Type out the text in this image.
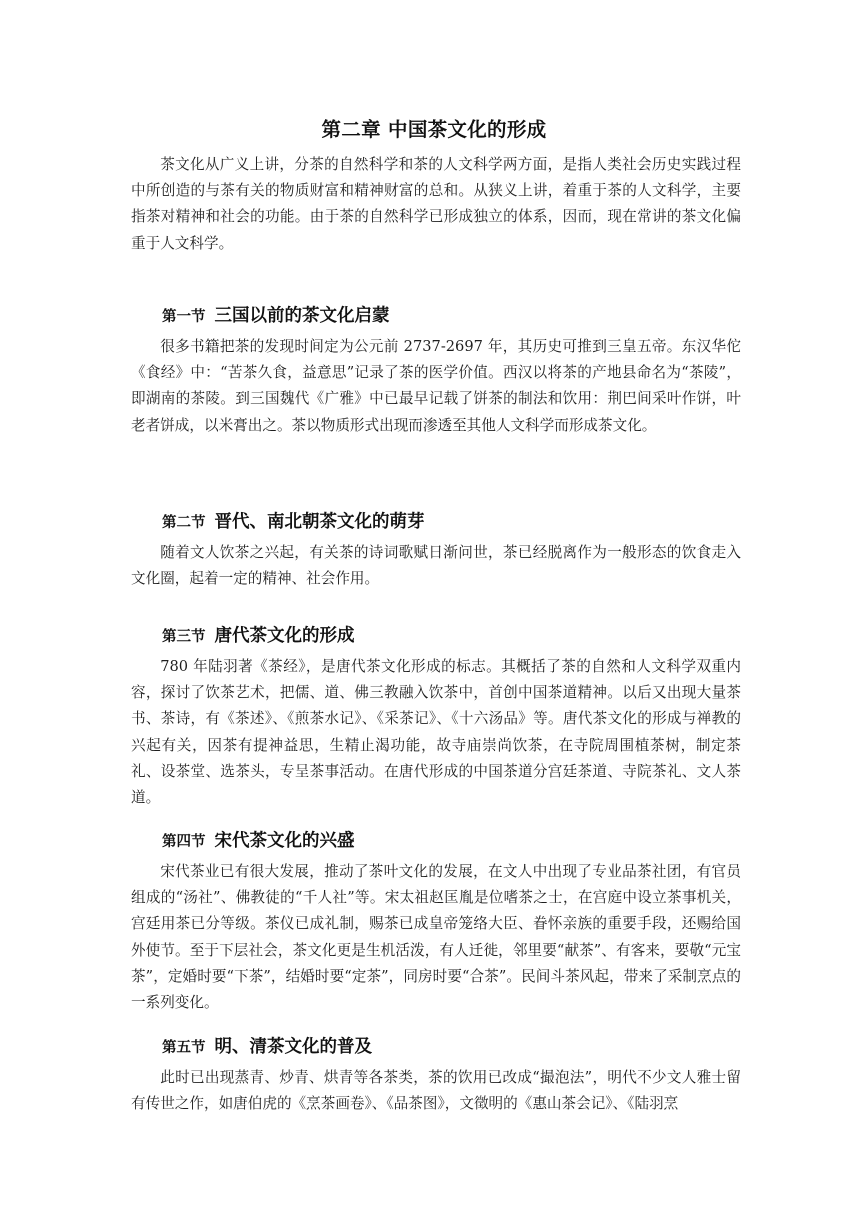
第二章 中国茶文化的形成

茶文化从广义上讲，分茶的自然科学和茶的人文科学两方面，是指人类社会历史实践过程中所创造的与茶有关的物质财富和精神财富的总和。从狭义上讲，着重于茶的人文科学，主要指茶对精神和社会的功能。由于茶的自然科学已形成独立的体系，因而，现在常讲的茶文化偏重于人文科学。

第一节 三国以前的茶文化启蒙

很多书籍把茶的发现时间定为公元前 2737-2697 年，其历史可推到三皇五帝。东汉华佗《食经》中：“苦茶久食，益意思”记录了茶的医学价值。西汉以将茶的产地县命名为“茶陵”，即湖南的茶陵。到三国魏代《广雅》中已最早记载了饼茶的制法和饮用：荆巴间采叶作饼，叶老者饼成，以米膏出之。茶以物质形式出现而渗透至其他人文科学而形成茶文化。

第二节 晋代、南北朝茶文化的萌芽

随着文人饮茶之兴起，有关茶的诗词歌赋日渐问世，茶已经脱离作为一般形态的饮食走入文化圈，起着一定的精神、社会作用。

第三节 唐代茶文化的形成

780 年陆羽著《茶经》，是唐代茶文化形成的标志。其概括了茶的自然和人文科学双重内容，探讨了饮茶艺术，把儒、道、佛三教融入饮茶中，首创中国茶道精神。以后又出现大量茶书、茶诗，有《茶述》、《煎茶水记》、《采茶记》、《十六汤品》等。唐代茶文化的形成与禅教的兴起有关，因茶有提神益思，生精止渴功能，故寺庙崇尚饮茶，在寺院周围植茶树，制定茶礼、设茶堂、选茶头，专呈茶事活动。在唐代形成的中国茶道分宫廷茶道、寺院茶礼、文人茶道。

第四节 宋代茶文化的兴盛

宋代茶业已有很大发展，推动了茶叶文化的发展，在文人中出现了专业品茶社团，有官员组成的“汤社”、佛教徒的“千人社”等。宋太祖赵匡胤是位嗜茶之士，在宫庭中设立茶事机关，宫廷用茶已分等级。茶仪已成礼制，赐茶已成皇帝笼络大臣、眷怀亲族的重要手段，还赐给国外使节。至于下层社会，茶文化更是生机活泼，有人迁徙，邻里要“献茶”、有客来，要敬“元宝茶”，定婚时要“下茶”，结婚时要“定茶”，同房时要“合茶”。民间斗茶风起，带来了采制烹点的一系列变化。

第五节 明、清茶文化的普及

此时已出现蒸青、炒青、烘青等各茶类，茶的饮用已改成“撮泡法”，明代不少文人雅士留有传世之作，如唐伯虎的《烹茶画卷》、《品茶图》，文徵明的《惠山茶会记》、《陆羽烹
